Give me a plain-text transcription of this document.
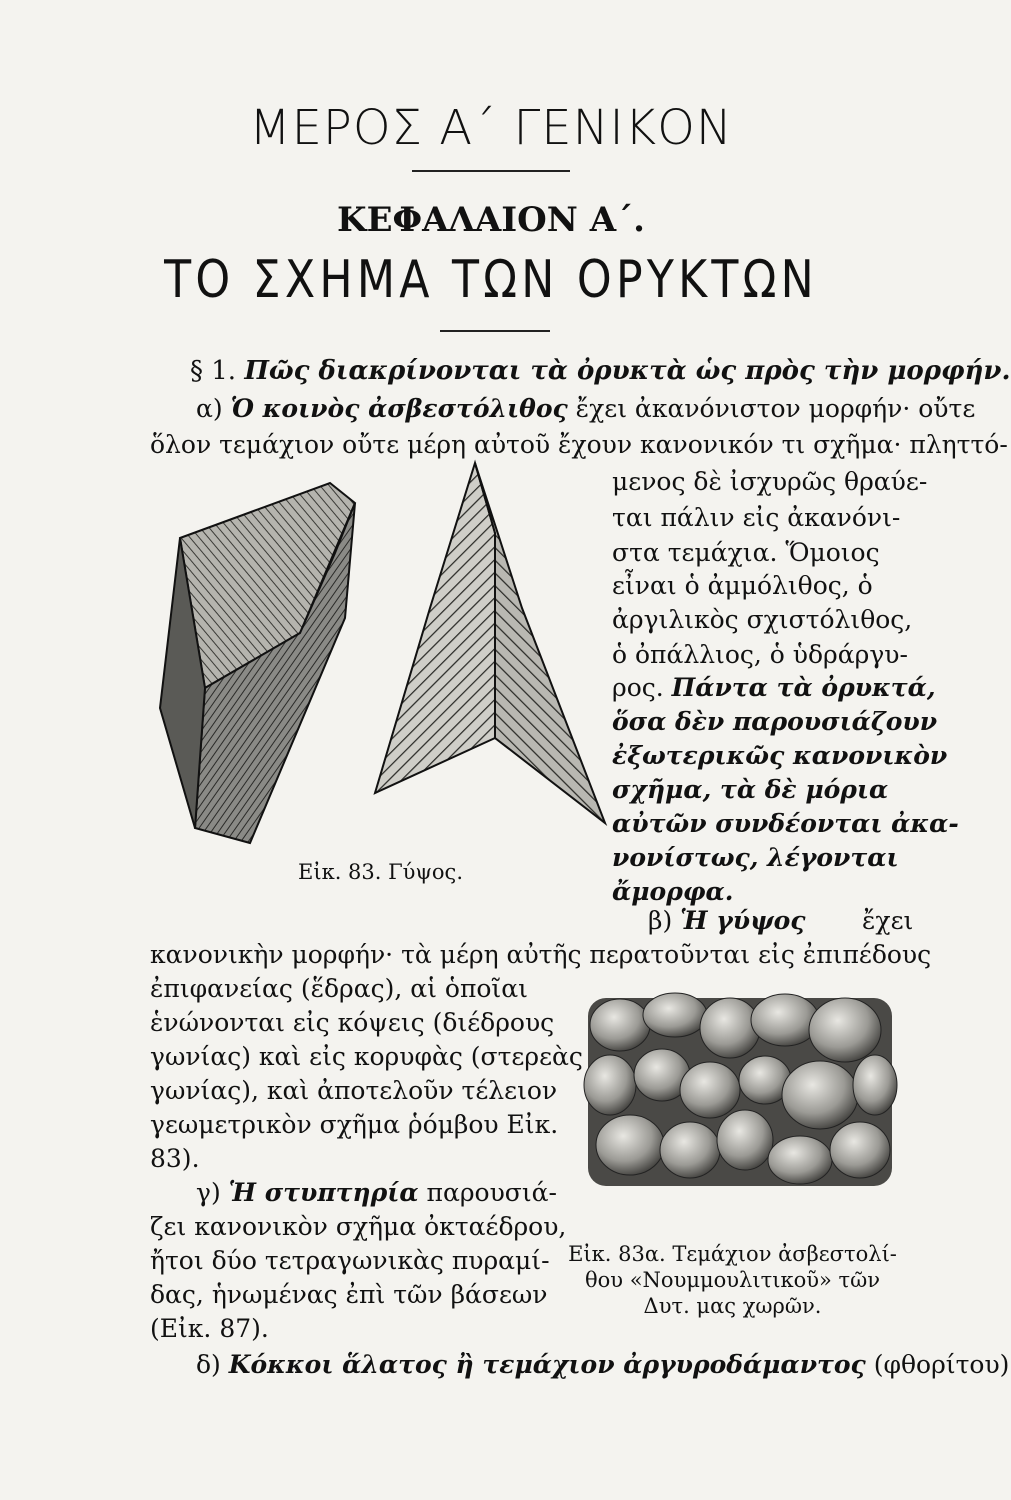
ΜΕΡΟΣ Α΄ ΓΕΝΙΚΟΝ
ΚΕΦΑΛΑΙΟΝ Α΄.
ΤΟ ΣΧΗΜΑ ΤΩΝ ΟΡΥΚΤΩΝ
§ 1. Πῶς διακρίνονται τὰ ὀρυκτὰ ὡς πρὸς τὴν μορφήν.
α) Ὁ κοινὸς ἀσβεστόλιθος ἔχει ἀκανόνιστον μορφήν· οὔτε
ὅλον τεμάχιον οὔτε μέρη αὐτοῦ ἔχουν κανονικόν τι σχῆμα· πληττό-
μενος δὲ ἰσχυρῶς θραύε-
ται πάλιν εἰς ἀκανόνι-
στα τεμάχια. Ὅμοιος
εἶναι ὁ ἀμμόλιθος, ὁ
ἀργιλικὸς σχιστόλιθος,
ὁ ὀπάλλιος, ὁ ὑδράργυ-
ρος. Πάντα τὰ ὀρυκτά,
ὅσα δὲν παρουσιάζουν
ἐξωτερικῶς κανονικὸν
σχῆμα, τὰ δὲ μόρια
αὐτῶν συνδέονται ἀκα-
νονίστως, λέγονται
ἄμορφα.
Εἰκ. 83. Γύψος.
β) Ἡ γύψος ἔχει
κανονικὴν μορφήν· τὰ μέρη αὐτῆς περατοῦνται εἰς ἐπιπέδους
ἐπιφανείας (ἕδρας), αἱ ὁποῖαι
ἑνώνονται εἰς κόψεις (διέδρους
γωνίας) καὶ εἰς κορυφὰς (στερεὰς
γωνίας), καὶ ἀποτελοῦν τέλειον
γεωμετρικὸν σχῆμα ῥόμβου Εἰκ.
83).
Εἰκ. 83α. Τεμάχιον ἀσβεστολί-
θου «Νουμμουλιτικοῦ» τῶν
Δυτ. μας χωρῶν.
γ) Ἡ στυπτηρία παρουσιά-
ζει κανονικὸν σχῆμα ὀκταέδρου,
ἤτοι δύο τετραγωνικὰς πυραμί-
δας, ἡνωμένας ἐπὶ τῶν βάσεων
(Εἰκ. 87).
δ) Κόκκοι ἅλατος ἢ τεμάχιον ἀργυροδάμαντος (φθορίτου)
